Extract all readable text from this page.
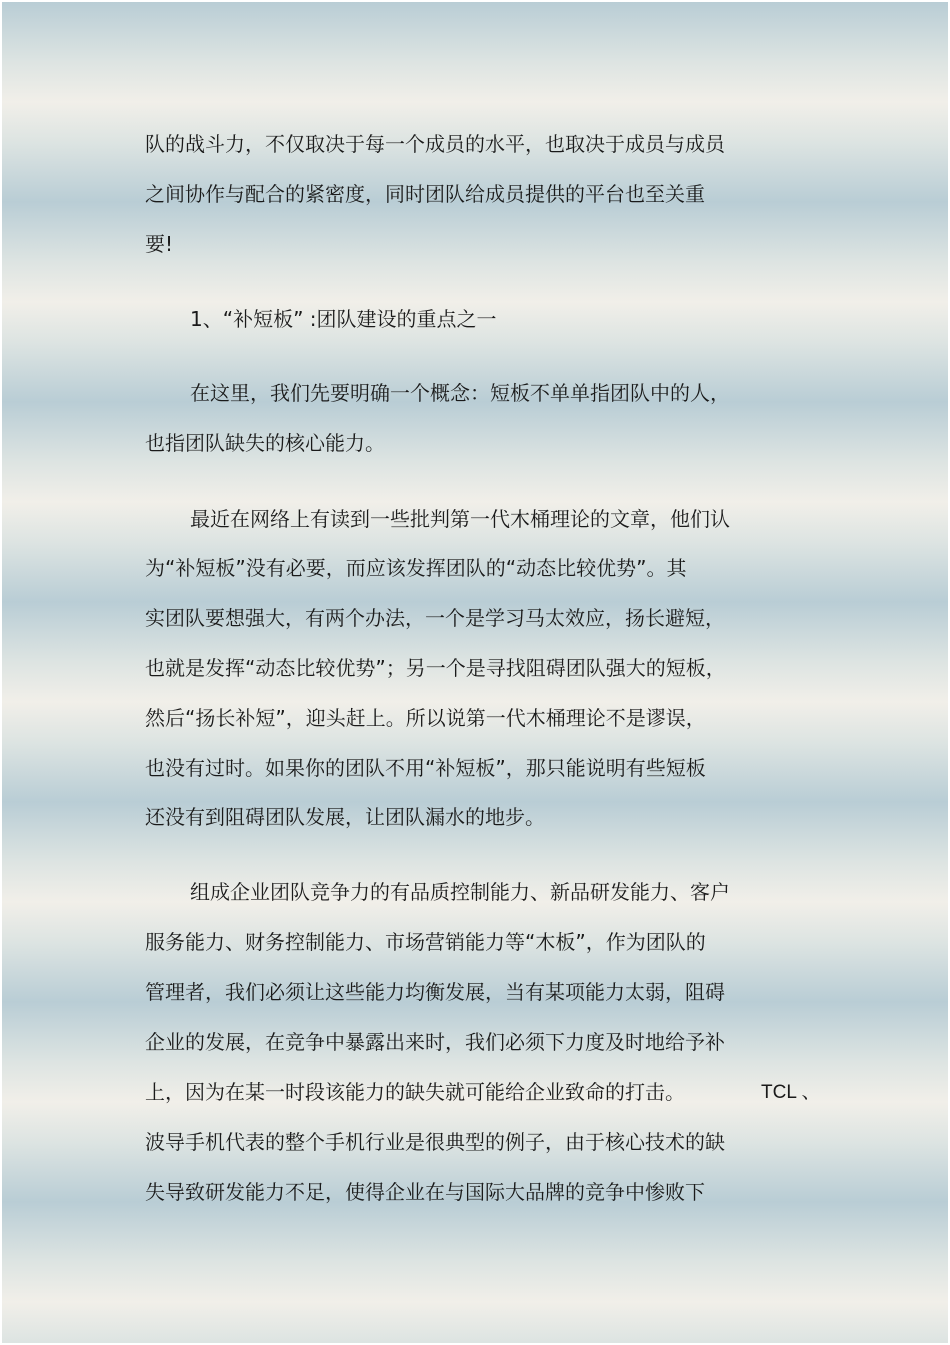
队的战斗力，不仅取决于每一个成员的水平，也取决于成员与成员
之间协作与配合的紧密度，同时团队给成员提供的平台也至关重
要!
1、“补短板” :团队建设的重点之一
在这里，我们先要明确一个概念：短板不单单指团队中的人，
也指团队缺失的核心能力。
最近在网络上有读到一些批判第一代木桶理论的文章，他们认
为“补短板”没有必要，而应该发挥团队的“动态比较优势”。其
实团队要想强大，有两个办法，一个是学习马太效应，扬长避短，
也就是发挥“动态比较优势”；另一个是寻找阻碍团队强大的短板，
然后“扬长补短”，迎头赶上。所以说第一代木桶理论不是谬误，
也没有过时。如果你的团队不用“补短板”，那只能说明有些短板
还没有到阻碍团队发展，让团队漏水的地步。
组成企业团队竞争力的有品质控制能力、新品研发能力、客户
服务能力、财务控制能力、市场营销能力等“木板”，作为团队的
管理者，我们必须让这些能力均衡发展，当有某项能力太弱，阻碍
企业的发展，在竞争中暴露出来时，我们必须下力度及时地给予补
上，因为在某一时段该能力的缺失就可能给企业致命的打击。	TCL 、
波导手机代表的整个手机行业是很典型的例子，由于核心技术的缺
失导致研发能力不足，使得企业在与国际大品牌的竞争中惨败下
